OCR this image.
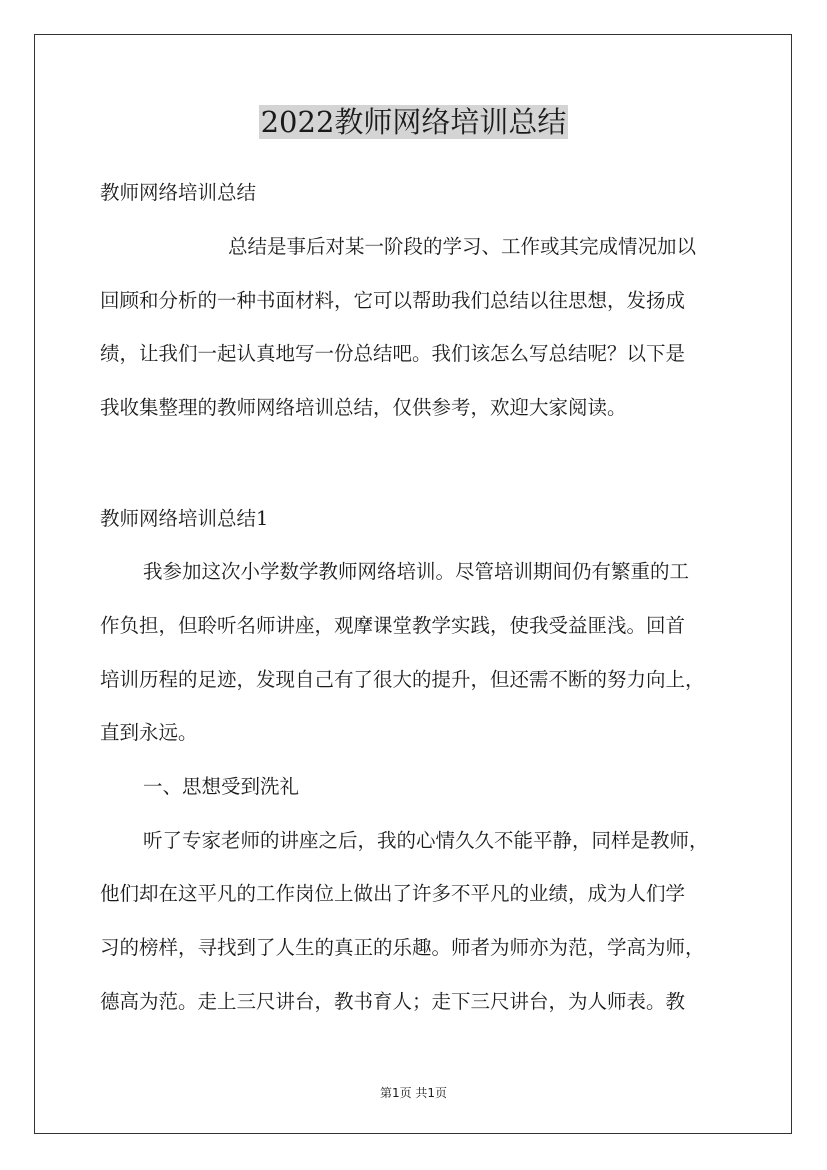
2022教师网络培训总结
教师网络培训总结
总结是事后对某一阶段的学习、工作或其完成情况加以
回顾和分析的一种书面材料，它可以帮助我们总结以往思想，发扬成
绩，让我们一起认真地写一份总结吧。我们该怎么写总结呢？以下是
我收集整理的教师网络培训总结，仅供参考，欢迎大家阅读。
教师网络培训总结1
我参加这次小学数学教师网络培训。尽管培训期间仍有繁重的工
作负担，但聆听名师讲座，观摩课堂教学实践，使我受益匪浅。回首
培训历程的足迹，发现自己有了很大的提升，但还需不断的努力向上，
直到永远。
一、思想受到洗礼
听了专家老师的讲座之后，我的心情久久不能平静，同样是教师，
他们却在这平凡的工作岗位上做出了许多不平凡的业绩，成为人们学
习的榜样，寻找到了人生的真正的乐趣。师者为师亦为范，学高为师，
德高为范。走上三尺讲台，教书育人；走下三尺讲台，为人师表。教
第1页 共1页
